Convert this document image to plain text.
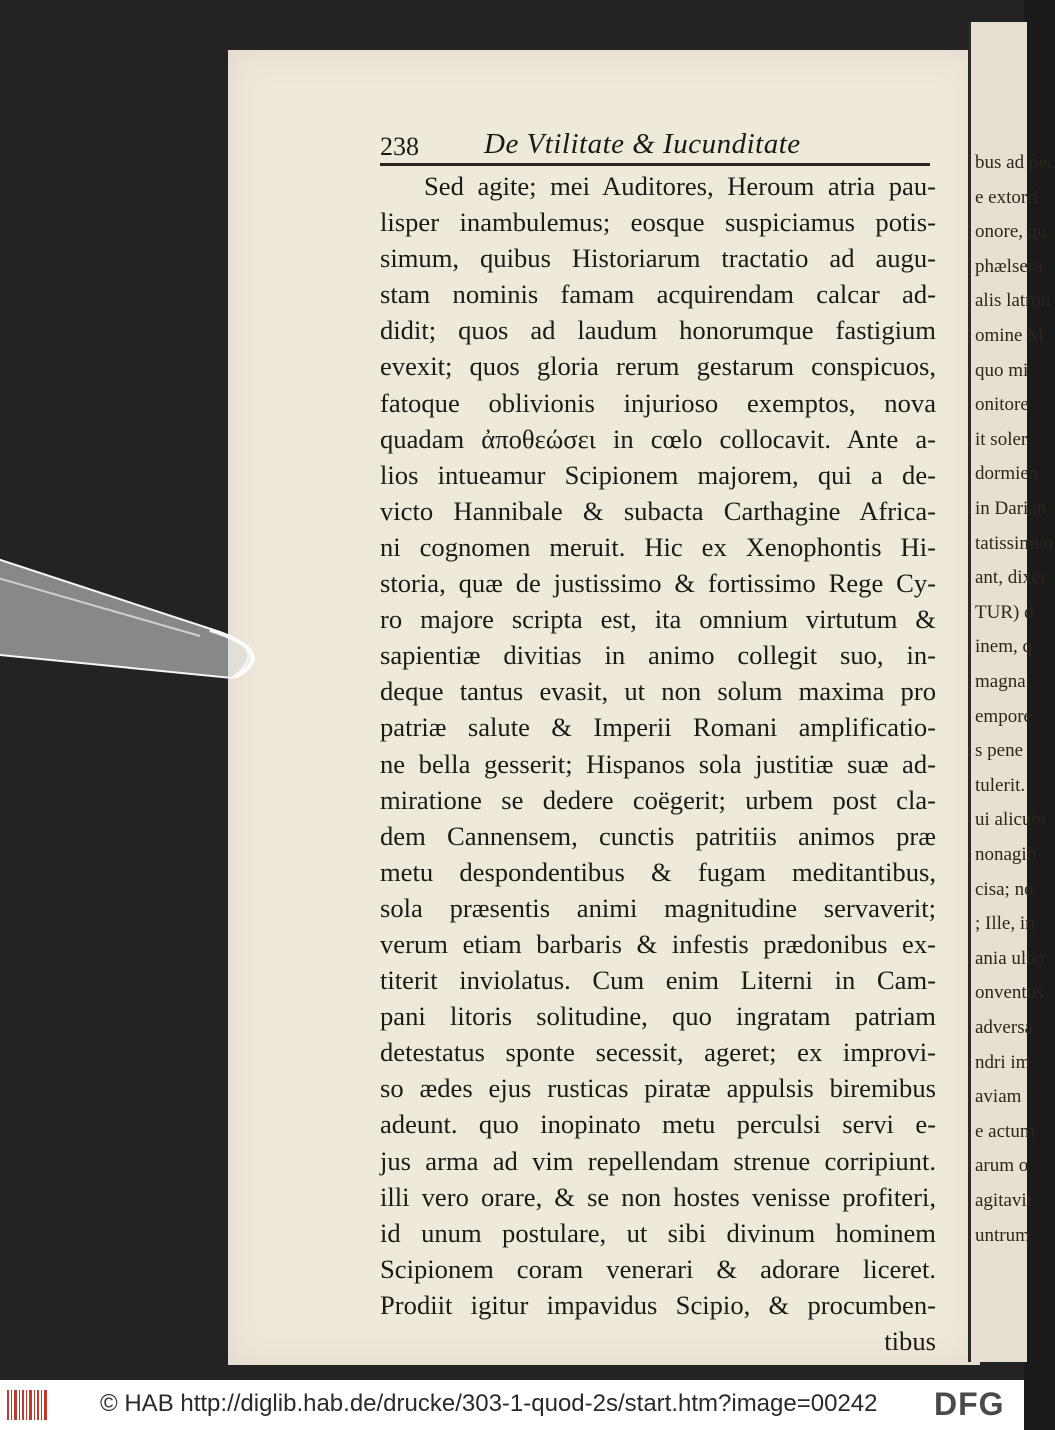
bus ad pec
e extorri
onore, qu
phælsera
alis latron
omine M
quo mi
onitore
it soler
dormien
in Darian
tatissimun
ant, dixer
TUR) d
inem, q
magna
empore
s pene
tulerit.
ui alicubi
nonagin
cisa; no
; Ille, in
ania ulter
onventus
adversa
ndri im
aviam
e actum
arum o
agitavit
untrum
238 De Vtilitate & Iucunditate
Sed agite; mei Auditores, Heroum atria pau-
lisper inambulemus; eosque suspiciamus potis-
simum, quibus Historiarum tractatio ad augu-
stam nominis famam acquirendam calcar ad-
didit; quos ad laudum honorumque fastigium
evexit; quos gloria rerum gestarum conspicuos,
fatoque oblivionis injurioso exemptos, nova
quadam ἀποθεώσει in cœlo collocavit. Ante a-
lios intueamur Scipionem majorem, qui a de-
victo Hannibale & subacta Carthagine Africa-
ni cognomen meruit. Hic ex Xenophontis Hi-
storia, quæ de justissimo & fortissimo Rege Cy-
ro majore scripta est, ita omnium virtutum &
sapientiæ divitias in animo collegit suo, in-
deque tantus evasit, ut non solum maxima pro
patriæ salute & Imperii Romani amplificatio-
ne bella gesserit; Hispanos sola justitiæ suæ ad-
miratione se dedere coëgerit; urbem post cla-
dem Cannensem, cunctis patritiis animos præ
metu despondentibus & fugam meditantibus,
sola præsentis animi magnitudine servaverit;
verum etiam barbaris & infestis prædonibus ex-
titerit inviolatus. Cum enim Literni in Cam-
pani litoris solitudine, quo ingratam patriam
detestatus sponte secessit, ageret; ex improvi-
so ædes ejus rusticas piratæ appulsis biremibus
adeunt. quo inopinato metu perculsi servi e-
jus arma ad vim repellendam strenue corripiunt.
illi vero orare, & se non hostes venisse profiteri,
id unum postulare, ut sibi divinum hominem
Scipionem coram venerari & adorare liceret.
Prodiit igitur impavidus Scipio, & procumben-
tibus
© HAB http://diglib.hab.de/drucke/303-1-quod-2s/start.htm?image=00242 DFG
